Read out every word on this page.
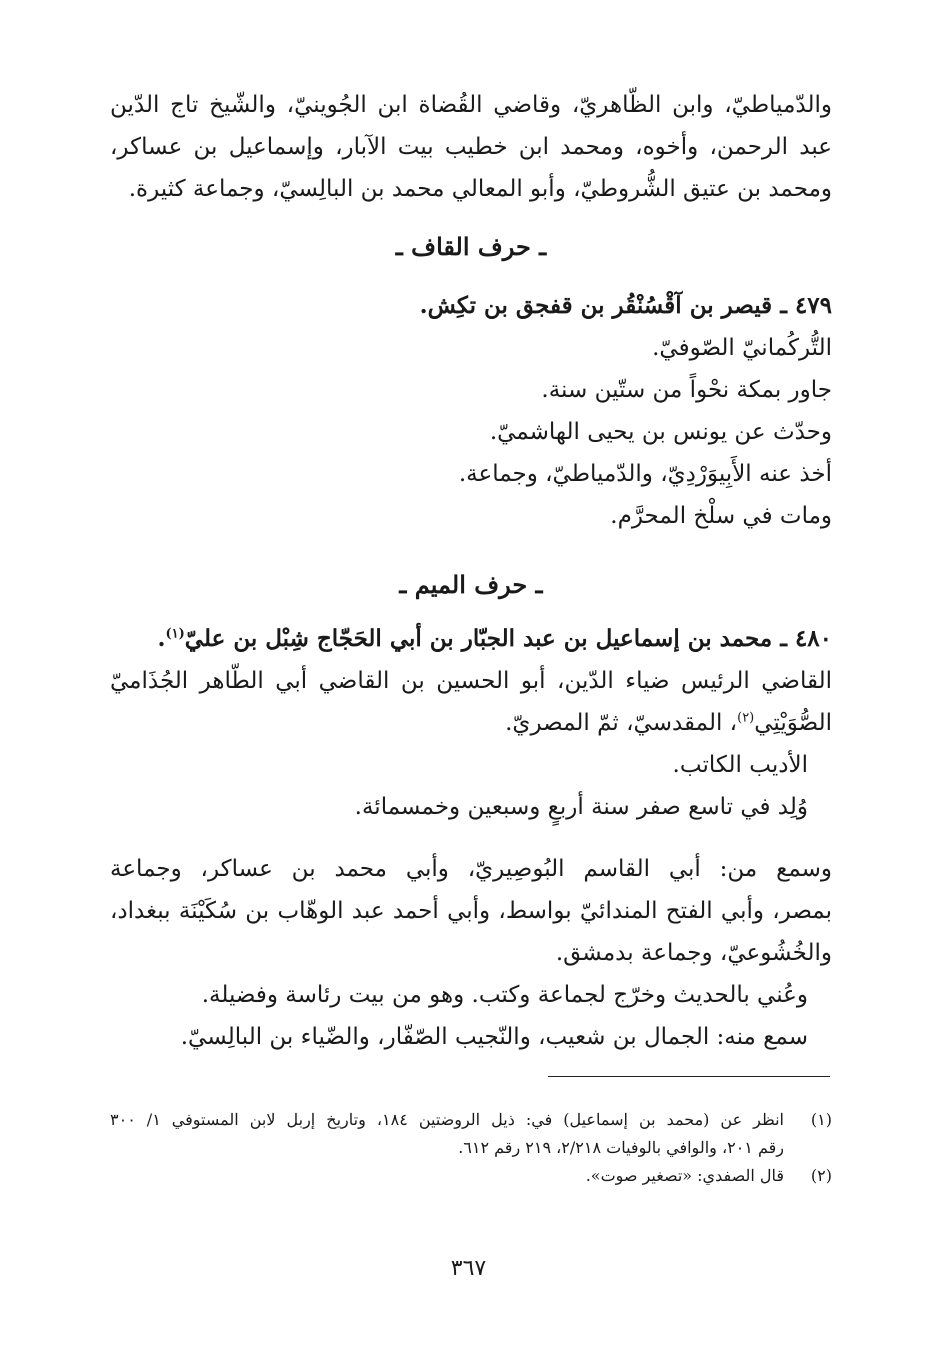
والدّمياطيّ، وابن الظّاهريّ، وقاضي القُضاة ابن الجُوينيّ، والشّيخ تاج الدّين
عبد الرحمن، وأخوه، ومحمد ابن خطيب بيت الآبار، وإسماعيل بن عساكر،
ومحمد بن عتيق الشُّروطيّ، وأبو المعالي محمد بن البالِسيّ، وجماعة كثيرة.
ـ حرف القاف ـ
٤٧٩ ـ قيصر بن آقْسُنْقُر بن قفجق بن تكِش.
التُّركُمانيّ الصّوفيّ.
جاور بمكة نحْواً من ستّين سنة.
وحدّث عن يونس بن يحيى الهاشميّ.
أخذ عنه الأَبِيوَرْدِيّ، والدّمياطيّ، وجماعة.
ومات في سلْخ المحرَّم.
ـ حرف الميم ـ
٤٨٠ ـ محمد بن إسماعيل بن عبد الجبّار بن أبي الحَجّاج شِبْل بن عليّ$^{(١)}$.
القاضي الرئيس ضياء الدّين، أبو الحسين بن القاضي أبي الطّاهر الجُذَاميّ
الصُّوَيْتِي$^{(٢)}$، المقدسيّ، ثمّ المصريّ.
الأديب الكاتب.
وُلِد في تاسع صفر سنة أربعٍ وسبعين وخمسمائة.
وسمع من: أبي القاسم البُوصِيريّ، وأبي محمد بن عساكر، وجماعة
بمصر، وأبي الفتح المندائيّ بواسط، وأبي أحمد عبد الوهّاب بن سُكَيْنَة ببغداد،
والخُشُوعيّ، وجماعة بدمشق.
وعُني بالحديث وخرّج لجماعة وكتب. وهو من بيت رئاسة وفضيلة.
سمع منه: الجمال بن شعيب، والنّجيب الصّفّار، والضّياء بن البالِسيّ.
(١)
انظر عن (محمد بن إسماعيل) في: ذيل الروضتين ١٨٤، وتاريخ إربل لابن المستوفي ١/ ٣٠٠
رقم ٢٠١، والوافي بالوفيات ٢/٢١٨، ٢١٩ رقم ٦١٢.
(٢)
قال الصفدي: «تصغير صوت».
٣٦٧
